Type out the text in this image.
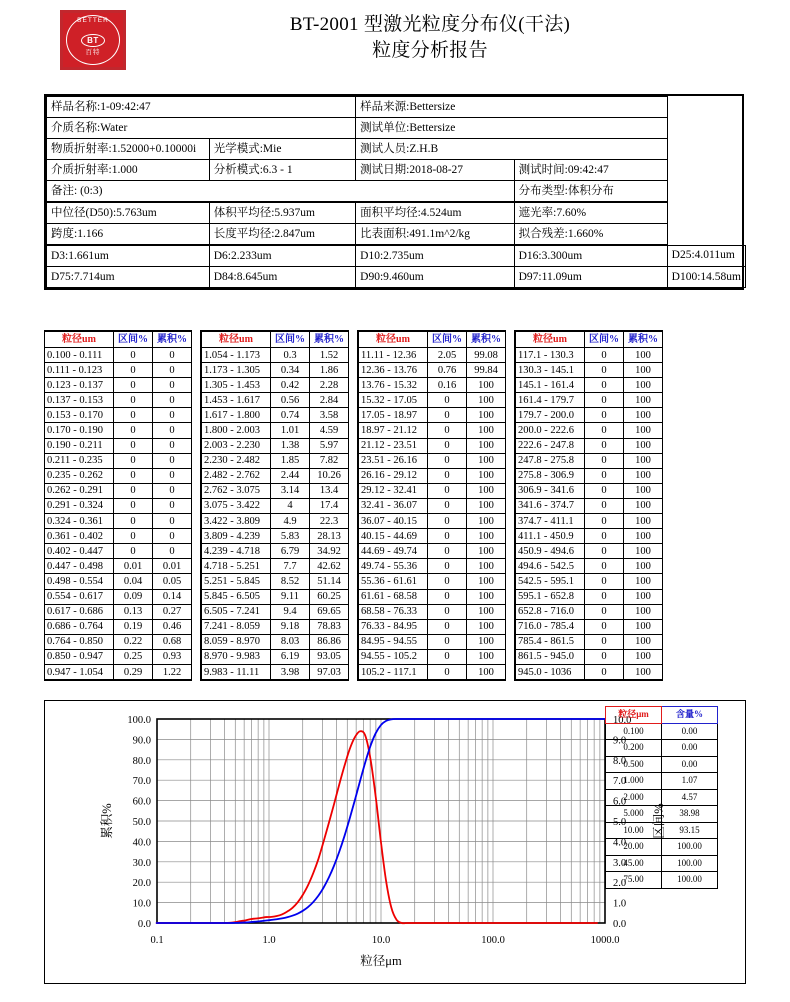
BETTER
BT
百特
BT-2001 型激光粒度分布仪(干法)
粒度分析报告
样品名称:1-09:42:47		样品来源:Bettersize		
介质名称:Water		测试单位:Bettersize		
物质折射率:1.52000+0.10000i	光学模式:Mie	测试人员:Z.H.B		
介质折射率:1.000	分析模式:6.3 - 1	测试日期:2018-08-27	测试时间:09:42:47	
备注: (0:3)			分布类型:体积分布	
中位径(D50):5.763um	体积平均径:5.937um	面积平均径:4.524um	遮光率:7.60%	
跨度:1.166	长度平均径:2.847um	比表面积:491.1m^2/kg	拟合残差:1.660%	
D3:1.661um	D6:2.233um	D10:2.735um	D16:3.300um	D25:4.011um
D75:7.714um	D84:8.645um	D90:9.460um	D97:11.09um	D100:14.58um
粒径um	区间%	累积%		粒径um	区间%	累积%		粒径um	区间%	累积%		粒径um	区间%	累积%
0.100 - 0.111	0	0		1.054 - 1.173	0.3	1.52		11.11 - 12.36	2.05	99.08		117.1 - 130.3	0	100
0.111 - 0.123	0	0		1.173 - 1.305	0.34	1.86		12.36 - 13.76	0.76	99.84		130.3 - 145.1	0	100
0.123 - 0.137	0	0		1.305 - 1.453	0.42	2.28		13.76 - 15.32	0.16	100		145.1 - 161.4	0	100
0.137 - 0.153	0	0		1.453 - 1.617	0.56	2.84		15.32 - 17.05	0	100		161.4 - 179.7	0	100
0.153 - 0.170	0	0		1.617 - 1.800	0.74	3.58		17.05 - 18.97	0	100		179.7 - 200.0	0	100
0.170 - 0.190	0	0		1.800 - 2.003	1.01	4.59		18.97 - 21.12	0	100		200.0 - 222.6	0	100
0.190 - 0.211	0	0		2.003 - 2.230	1.38	5.97		21.12 - 23.51	0	100		222.6 - 247.8	0	100
0.211 - 0.235	0	0		2.230 - 2.482	1.85	7.82		23.51 - 26.16	0	100		247.8 - 275.8	0	100
0.235 - 0.262	0	0		2.482 - 2.762	2.44	10.26		26.16 - 29.12	0	100		275.8 - 306.9	0	100
0.262 - 0.291	0	0		2.762 - 3.075	3.14	13.4		29.12 - 32.41	0	100		306.9 - 341.6	0	100
0.291 - 0.324	0	0		3.075 - 3.422	4	17.4		32.41 - 36.07	0	100		341.6 - 374.7	0	100
0.324 - 0.361	0	0		3.422 - 3.809	4.9	22.3		36.07 - 40.15	0	100		374.7 - 411.1	0	100
0.361 - 0.402	0	0		3.809 - 4.239	5.83	28.13		40.15 - 44.69	0	100		411.1 - 450.9	0	100
0.402 - 0.447	0	0		4.239 - 4.718	6.79	34.92		44.69 - 49.74	0	100		450.9 - 494.6	0	100
0.447 - 0.498	0.01	0.01		4.718 - 5.251	7.7	42.62		49.74 - 55.36	0	100		494.6 - 542.5	0	100
0.498 - 0.554	0.04	0.05		5.251 - 5.845	8.52	51.14		55.36 - 61.61	0	100		542.5 - 595.1	0	100
0.554 - 0.617	0.09	0.14		5.845 - 6.505	9.11	60.25		61.61 - 68.58	0	100		595.1 - 652.8	0	100
0.617 - 0.686	0.13	0.27		6.505 - 7.241	9.4	69.65		68.58 - 76.33	0	100		652.8 - 716.0	0	100
0.686 - 0.764	0.19	0.46		7.241 - 8.059	9.18	78.83		76.33 - 84.95	0	100		716.0 - 785.4	0	100
0.764 - 0.850	0.22	0.68		8.059 - 8.970	8.03	86.86		84.95 - 94.55	0	100		785.4 - 861.5	0	100
0.850 - 0.947	0.25	0.93		8.970 - 9.983	6.19	93.05		94.55 - 105.2	0	100		861.5 - 945.0	0	100
0.947 - 1.054	0.29	1.22		9.983 - 11.11	3.98	97.03		105.2 - 117.1	0	100		945.0 - 1036	0	100
0.0
10.0
20.0
30.0
40.0
50.0
60.0
70.0
80.0
90.0
100.0
0.0
1.0
2.0
3.0
4.0
5.0
6.0
7.0
8.0
9.0
10.0
0.1	1.0	10.0	100.0	1000.0
粒径μm
累积%	区间%
粒径μm	含量%
0.100	0.00
0.200	0.00
0.500	0.00
1.000	1.07
2.000	4.57
5.000	38.98
10.00	93.15
20.00	100.00
45.00	100.00
75.00	100.00
